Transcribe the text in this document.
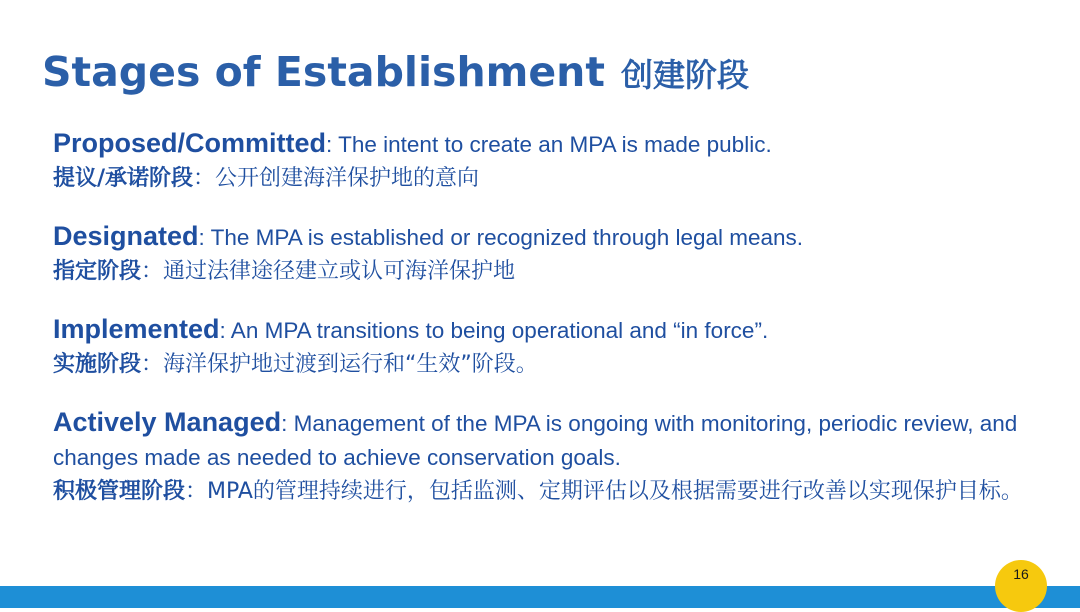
Stages of Establishment 创建阶段

Proposed/Committed: The intent to create an MPA is made public.

提议/承诺阶段：公开创建海洋保护地的意向

Designated: The MPA is established or recognized through legal means.

指定阶段：通过法律途径建立或认可海洋保护地

Implemented: An MPA transitions to being operational and “in force”.

实施阶段：海洋保护地过渡到运行和“生效”阶段。

Actively Managed: Management of the MPA is ongoing with monitoring, periodic review, and changes made as needed to achieve conservation goals.

积极管理阶段：MPA的管理持续进行，包括监测、定期评估以及根据需要进行改善以实现保护目标。

16
